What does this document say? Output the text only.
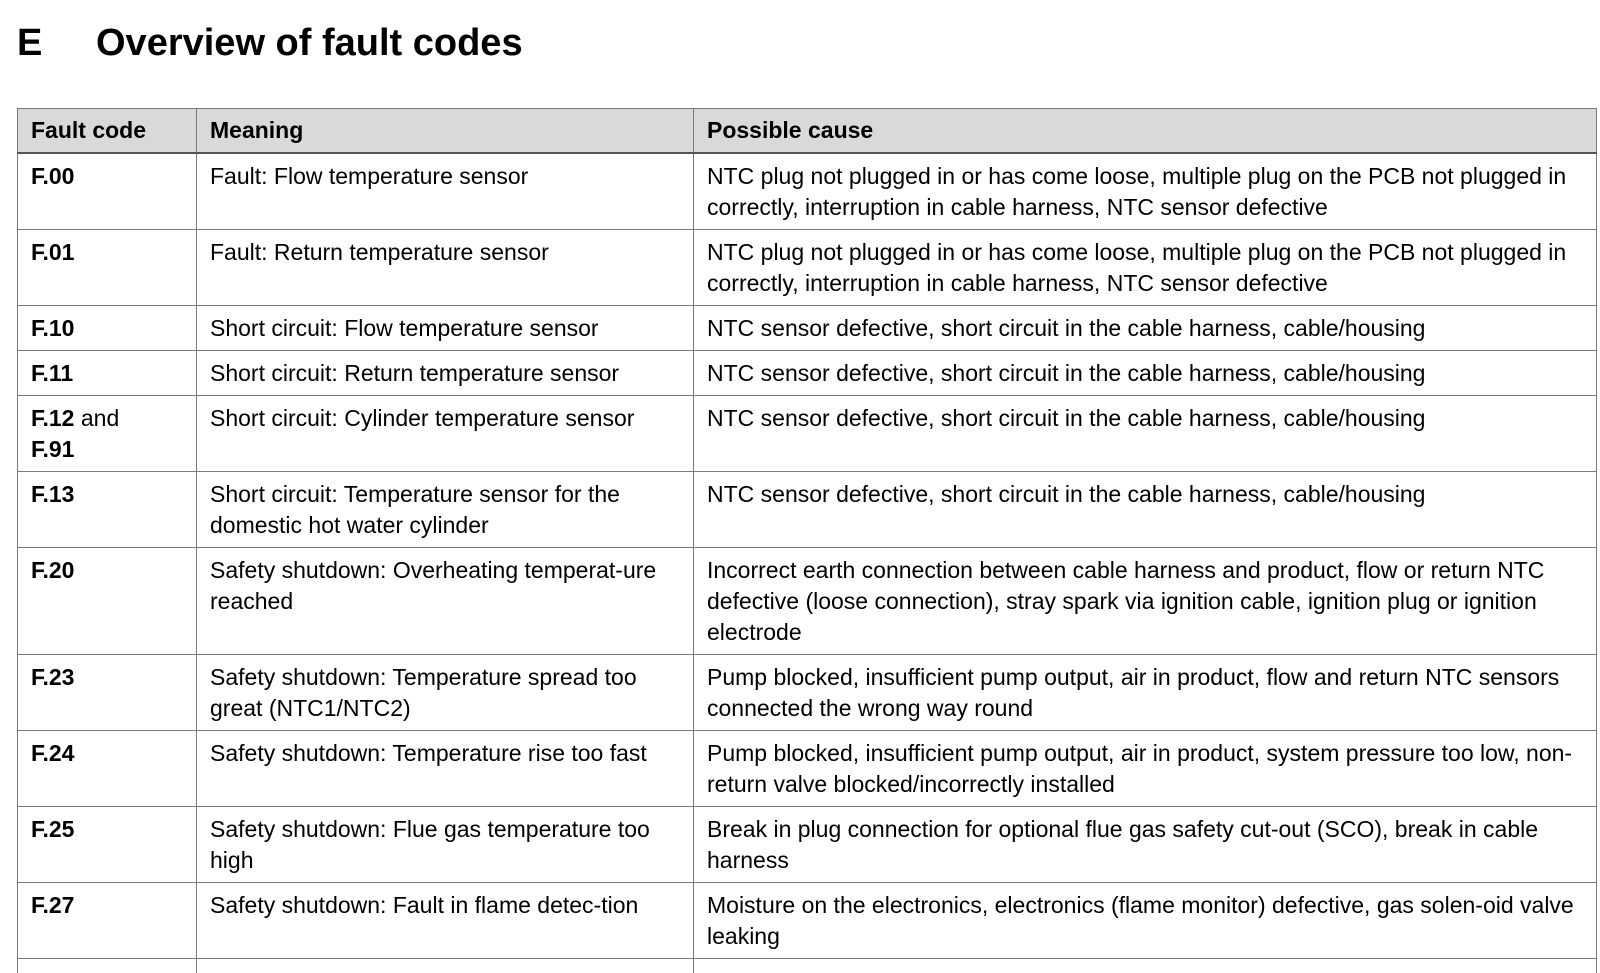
E Overview of fault codes
Fault code	Meaning	Possible cause
F.00	Fault: Flow temperature sensor	NTC plug not plugged in or has come loose, multiple plug on the PCB not plugged in correctly, interruption in cable harness, NTC sensor defective
F.01	Fault: Return temperature sensor	NTC plug not plugged in or has come loose, multiple plug on the PCB not plugged in correctly, interruption in cable harness, NTC sensor defective
F.10	Short circuit: Flow temperature sensor	NTC sensor defective, short circuit in the cable harness, cable/housing
F.11	Short circuit: Return temperature sensor	NTC sensor defective, short circuit in the cable harness, cable/housing
F.12 and
F.91	Short circuit: Cylinder temperature sensor	NTC sensor defective, short circuit in the cable harness, cable/housing
F.13	Short circuit: Temperature sensor for the domestic hot water cylinder	NTC sensor defective, short circuit in the cable harness, cable/housing
F.20	Safety shutdown: Overheating temperat-ure reached	Incorrect earth connection between cable harness and product, flow or return NTC defective (loose connection), stray spark via ignition cable, ignition plug or ignition electrode
F.23	Safety shutdown: Temperature spread too great (NTC1/NTC2)	Pump blocked, insufficient pump output, air in product, flow and return NTC sensors connected the wrong way round
F.24	Safety shutdown: Temperature rise too fast	Pump blocked, insufficient pump output, air in product, system pressure too low, non-return valve blocked/incorrectly installed
F.25	Safety shutdown: Flue gas temperature too high	Break in plug connection for optional flue gas safety cut-out (SCO), break in cable harness
F.27	Safety shutdown: Fault in flame detec-tion	Moisture on the electronics, electronics (flame monitor) defective, gas solen-oid valve leaking
